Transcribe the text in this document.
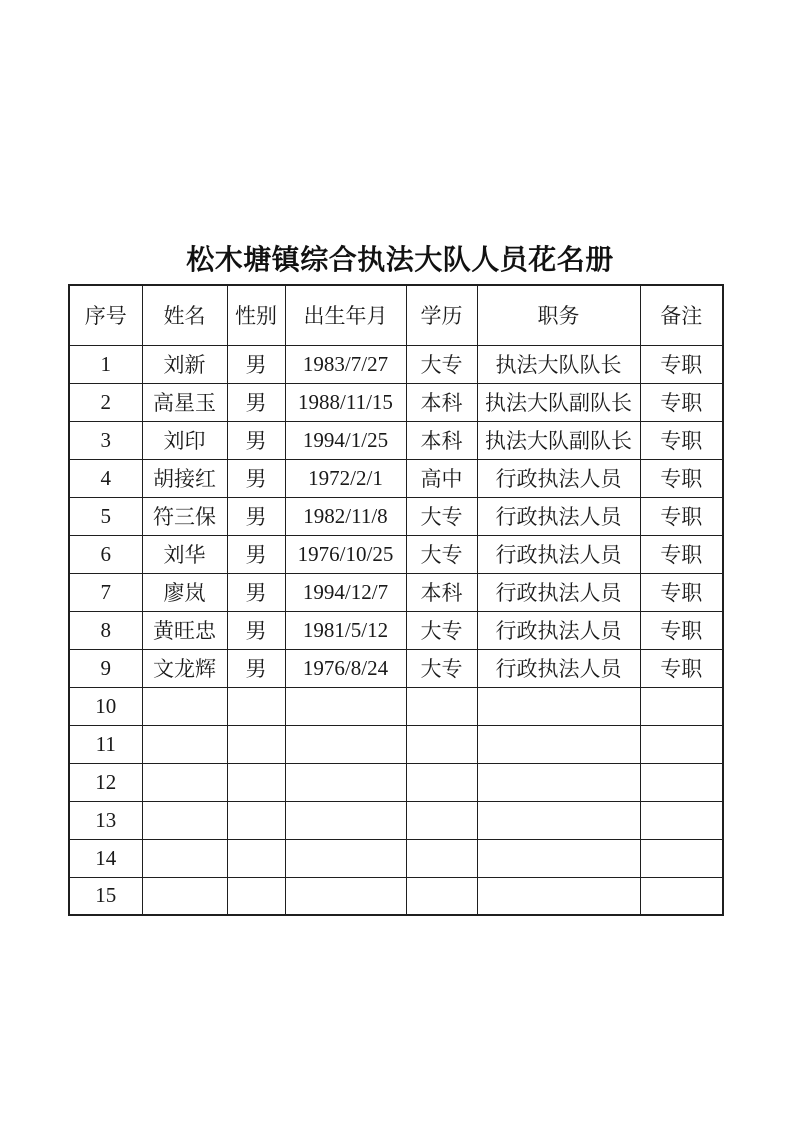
松木塘镇综合执法大队人员花名册
序号	姓名	性别	出生年月	学历	职务	备注
1	刘新	男	1983/7/27	大专	执法大队队长	专职
2	高星玉	男	1988/11/15	本科	执法大队副队长	专职
3	刘印	男	1994/1/25	本科	执法大队副队长	专职
4	胡接红	男	1972/2/1	高中	行政执法人员	专职
5	符三保	男	1982/11/8	大专	行政执法人员	专职
6	刘华	男	1976/10/25	大专	行政执法人员	专职
7	廖岚	男	1994/12/7	本科	行政执法人员	专职
8	黄旺忠	男	1981/5/12	大专	行政执法人员	专职
9	文龙辉	男	1976/8/24	大专	行政执法人员	专职
10						
11						
12						
13						
14						
15						
